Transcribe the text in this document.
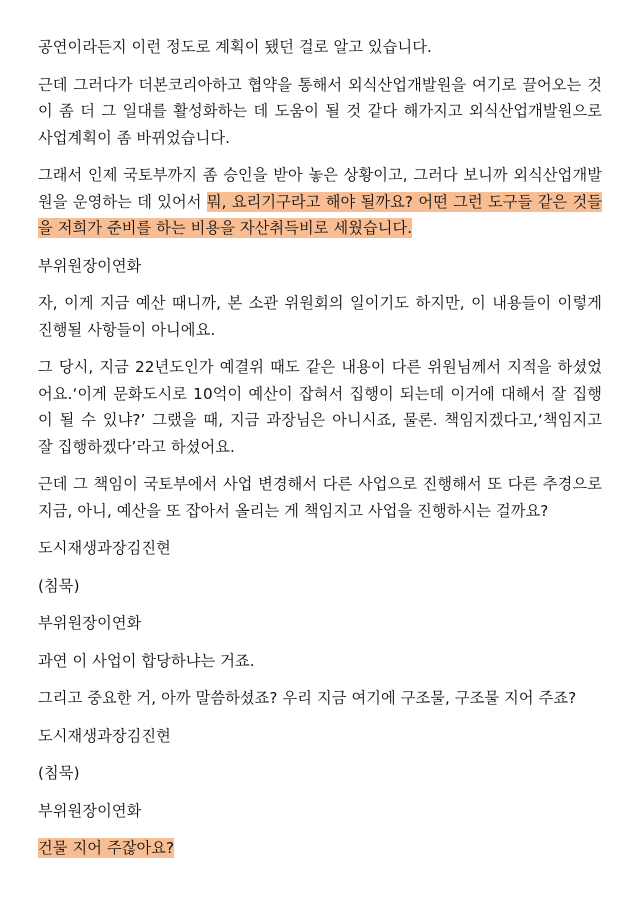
공연이라든지 이런 정도로 계획이 됐던 걸로 알고 있습니다.

근데 그러다가 더본코리아하고 협약을 통해서 외식산업개발원을 여기로 끌어오는 것이 좀 더 그 일대를 활성화하는 데 도움이 될 것 같다 해가지고 외식산업개발원으로 사업계획이 좀 바뀌었습니다.

그래서 인제 국토부까지 좀 승인을 받아 놓은 상황이고, 그러다 보니까 외식산업개발원을 운영하는 데 있어서 뭐, 요리기구라고 해야 될까요? 어떤 그런 도구들 같은 것들을 저희가 준비를 하는 비용을 자산취득비로 세웠습니다.

부위원장이연화

자, 이게 지금 예산 때니까, 본 소관 위원회의 일이기도 하지만, 이 내용들이 이렇게 진행될 사항들이 아니에요.

그 당시, 지금 22년도인가 예결위 때도 같은 내용이 다른 위원님께서 지적을 하셨었어요.‘이게 문화도시로 10억이 예산이 잡혀서 집행이 되는데 이거에 대해서 잘 집행이 될 수 있냐?’ 그랬을 때, 지금 과장님은 아니시죠, 물론. 책임지겠다고,‘책임지고 잘 집행하겠다’라고 하셨어요.

근데 그 책임이 국토부에서 사업 변경해서 다른 사업으로 진행해서 또 다른 추경으로 지금, 아니, 예산을 또 잡아서 올리는 게 책임지고 사업을 진행하시는 걸까요?

도시재생과장김진현

(침묵)

부위원장이연화

과연 이 사업이 합당하냐는 거죠.

그리고 중요한 거, 아까 말씀하셨죠? 우리 지금 여기에 구조물, 구조물 지어 주죠?

도시재생과장김진현

(침묵)

부위원장이연화

건물 지어 주잖아요?
